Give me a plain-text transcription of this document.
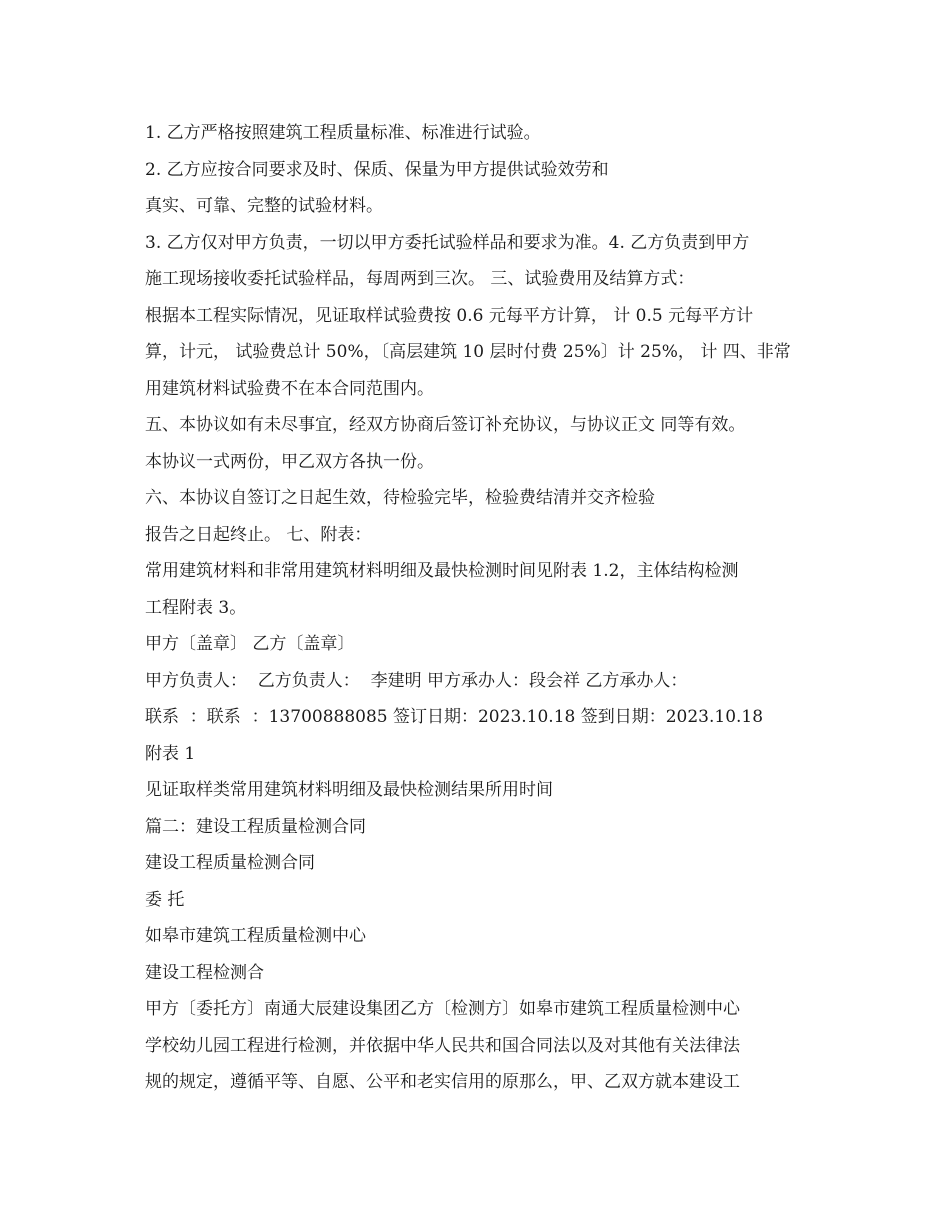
1. 乙方严格按照建筑工程质量标准、标准进行试验。
2. 乙方应按合同要求及时、保质、保量为甲方提供试验效劳和
真实、可靠、完整的试验材料。
3. 乙方仅对甲方负责，一切以甲方委托试验样品和要求为准。4. 乙方负责到甲方
施工现场接收委托试验样品，每周两到三次。 三、试验费用及结算方式：
根据本工程实际情况，见证取样试验费按 0.6 元每平方计算， 计 0.5 元每平方计
算，计元， 试验费总计 50%，〔高层建筑 10 层时付费 25%〕计 25%， 计 四、非常
用建筑材料试验费不在本合同范围内。
五、本协议如有未尽事宜，经双方协商后签订补充协议，与协议正文 同等有效。
本协议一式两份，甲乙双方各执一份。
六、本协议自签订之日起生效，待检验完毕，检验费结清并交齐检验
报告之日起终止。 七、附表：
常用建筑材料和非常用建筑材料明细及最快检测时间见附表 1.2，主体结构检测
工程附表 3。
甲方〔盖章〕 乙方〔盖章〕
甲方负责人：  乙方负责人：  李建明 甲方承办人：段会祥 乙方承办人：
联系  ：联系  ：13700888085 签订日期：2023.10.18 签到日期：2023.10.18
附表 1
见证取样类常用建筑材料明细及最快检测结果所用时间
篇二：建设工程质量检测合同
建设工程质量检测合同
委 托
如皋市建筑工程质量检测中心
建设工程检测合
甲方〔委托方〕南通大辰建设集团乙方〔检测方〕如皋市建筑工程质量检测中心
学校幼儿园工程进行检测，并依据中华人民共和国合同法以及对其他有关法律法
规的规定，遵循平等、自愿、公平和老实信用的原那么，甲、乙双方就本建设工
